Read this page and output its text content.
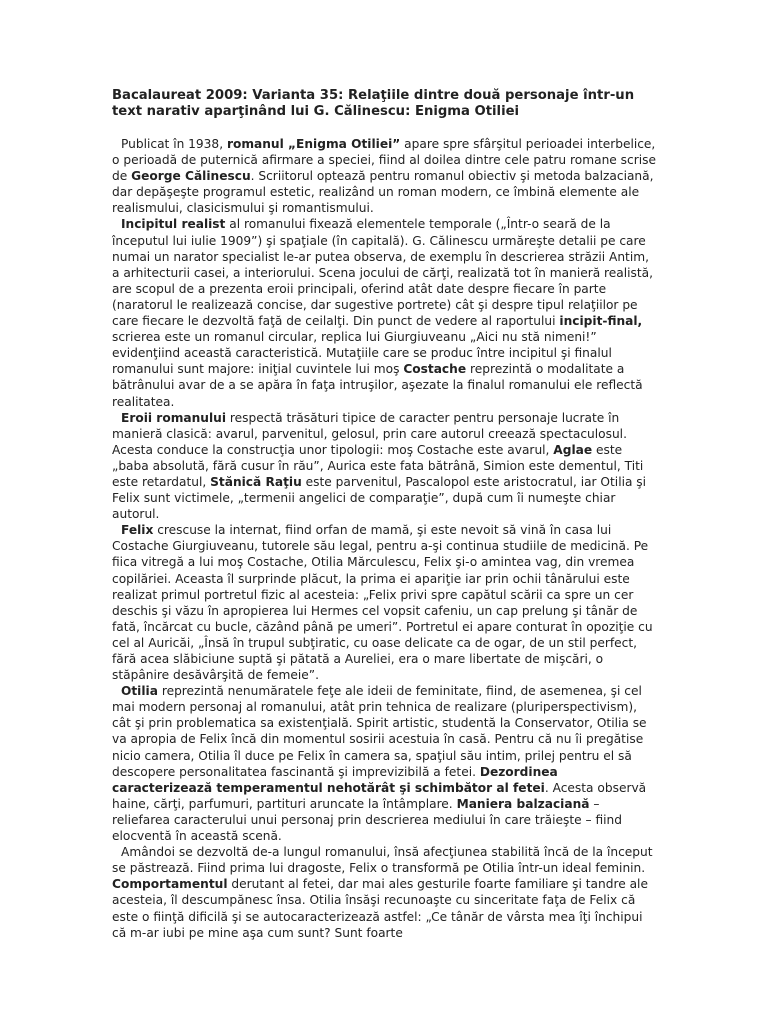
Bacalaureat 2009: Varianta 35: Relaţiile dintre două personaje într-un text narativ aparţinând lui G. Călinescu: Enigma Otiliei

Publicat în 1938, romanul „Enigma Otiliei” apare spre sfârşitul perioadei interbelice, o perioadă de puternică afirmare a speciei, fiind al doilea dintre cele patru romane scrise de George Călinescu. Scriitorul optează pentru romanul obiectiv şi metoda balzaciană, dar depăşeşte programul estetic, realizând un roman modern, ce îmbină elemente ale realismului, clasicismului şi romantismului.

Incipitul realist al romanului fixează elementele temporale („Într-o seară de la începutul lui iulie 1909”) şi spaţiale (în capitală). G. Călinescu urmăreşte detalii pe care numai un narator specialist le-ar putea observa, de exemplu în descrierea străzii Antim, a arhitecturii casei, a interiorului. Scena jocului de cărţi, realizată tot în manieră realistă, are scopul de a prezenta eroii principali, oferind atât date despre fiecare în parte (naratorul le realizează concise, dar sugestive portrete) cât şi despre tipul relaţiilor pe care fiecare le dezvoltă faţă de ceilalţi. Din punct de vedere al raportului incipit-final, scrierea este un romanul circular, replica lui Giurgiuveanu „Aici nu stă nimeni!” evidenţiind această caracteristică. Mutaţiile care se produc între incipitul şi finalul romanului sunt majore: iniţial cuvintele lui moş Costache reprezintă o modalitate a bătrânului avar de a se apăra în faţa intruşilor, aşezate la finalul romanului ele reflectă realitatea.

Eroii romanului respectă trăsături tipice de caracter pentru personaje lucrate în manieră clasică: avarul, parvenitul, gelosul, prin care autorul creează spectaculosul. Acesta conduce la construcţia unor tipologii: moş Costache este avarul, Aglae este „baba absolută, fără cusur în rău”, Aurica este fata bătrână, Simion este dementul, Titi este retardatul, Stănică Raţiu este parvenitul, Pascalopol este aristocratul, iar Otilia şi Felix sunt victimele, „termenii angelici de comparaţie”, după cum îi numeşte chiar autorul.

Felix crescuse la internat, fiind orfan de mamă, şi este nevoit să vină în casa lui Costache Giurgiuveanu, tutorele său legal, pentru a-şi continua studiile de medicină. Pe fiica vitregă a lui moş Costache, Otilia Mărculescu, Felix şi-o amintea vag, din vremea copilăriei. Aceasta îl surprinde plăcut, la prima ei apariţie iar prin ochii tânărului este realizat primul portretul fizic al acesteia: „Felix privi spre capătul scării ca spre un cer deschis şi văzu în apropierea lui Hermes cel vopsit cafeniu, un cap prelung şi tânăr de fată, încărcat cu bucle, căzând până pe umeri”. Portretul ei apare conturat în opoziţie cu cel al Auricăi, „Însă în trupul subţiratic, cu oase delicate ca de ogar, de un stil perfect, fără acea slăbiciune suptă şi pătată a Aureliei, era o mare libertate de mişcări, o stăpânire desăvârşită de femeie”.

Otilia reprezintă nenumăratele feţe ale ideii de feminitate, fiind, de asemenea, şi cel mai modern personaj al romanului, atât prin tehnica de realizare (pluriperspectivism), cât şi prin problematica sa existenţială. Spirit artistic, studentă la Conservator, Otilia se va apropia de Felix încă din momentul sosirii acestuia în casă. Pentru că nu îi pregătise nicio camera, Otilia îl duce pe Felix în camera sa, spaţiul său intim, prilej pentru el să descopere personalitatea fascinantă şi imprevizibilă a fetei. Dezordinea caracterizează temperamentul nehotărât şi schimbător al fetei. Acesta observă haine, cărţi, parfumuri, partituri aruncate la întâmplare. Maniera balzaciană – reliefarea caracterului unui personaj prin descrierea mediului în care trăieşte – fiind elocventă în această scenă.

Amândoi se dezvoltă de-a lungul romanului, însă afecţiunea stabilită încă de la început se păstrează. Fiind prima lui dragoste, Felix o transformă pe Otilia într-un ideal feminin. Comportamentul derutant al fetei, dar mai ales gesturile foarte familiare şi tandre ale acesteia, îl descumpănesc însa. Otilia însăşi recunoaşte cu sinceritate faţa de Felix că este o fiinţă dificilă şi se autocaracterizează astfel: „Ce tânăr de vârsta mea îţi închipui că m-ar iubi pe mine aşa cum sunt? Sunt foarte
